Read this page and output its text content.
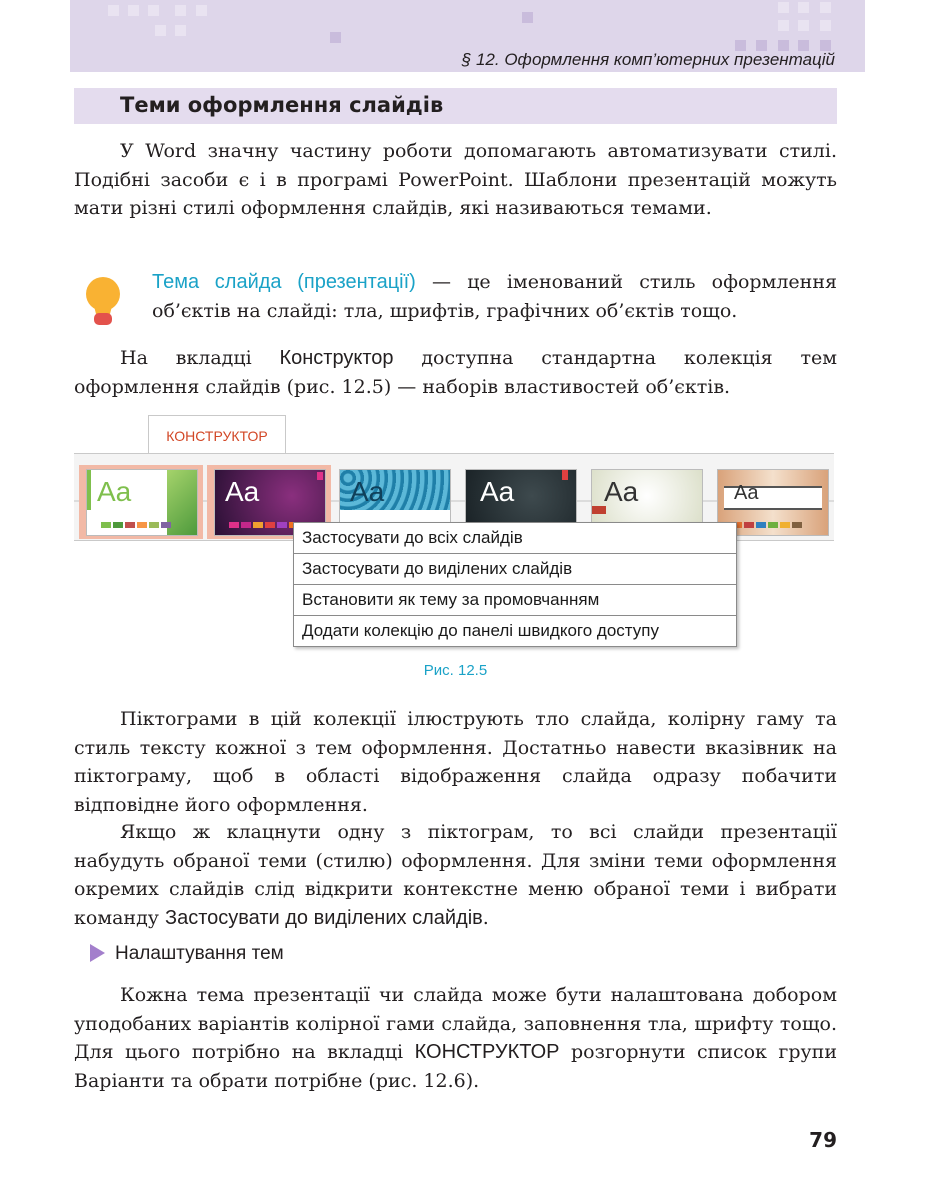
§ 12. Оформлення комп’ютерних презентацій
Теми оформлення слайдів

У Word значну частину роботи допомагають автоматизувати стилі. Подібні засоби є і в програмі PowerPoint. Шаблони презентацій можуть мати різні стилі оформлення слайдів, які називаються темами.

Тема слайда (презентації) — це іменований стиль оформлення об’єктів на слайді: тла, шрифтів, графічних об’єктів тощо.

На вкладці Конструктор доступна стандартна колекція тем оформлення слайдів (рис. 12.5) — наборів властивостей об’єктів.

КОНСТРУКТОР
Aa	Aa	Aa	Aa	Aa	Aa
Застосувати до всіх слайдів
Застосувати до виділених слайдів
Встановити як тему за промовчанням
Додати колекцію до панелі швидкого доступу
Рис. 12.5

Піктограми в цій колекції ілюструють тло слайда, колірну гаму та стиль тексту кожної з тем оформлення. Достатньо навести вказівник на піктограму, щоб в області відображення слайда одразу побачити відповідне його оформлення.

Якщо ж клацнути одну з піктограм, то всі слайди презентації набудуть обраної теми (стилю) оформлення. Для зміни теми оформлення окремих слайдів слід відкрити контекстне меню обраної теми і вибрати команду Застосувати до виділених слайдів.

Налаштування тем

Кожна тема презентації чи слайда може бути налаштована добором уподобаних варіантів колірної гами слайда, заповнення тла, шрифту тощо. Для цього потрібно на вкладці КОНСТРУКТОР розгорнути список групи Варіанти та обрати потрібне (рис. 12.6).

79
